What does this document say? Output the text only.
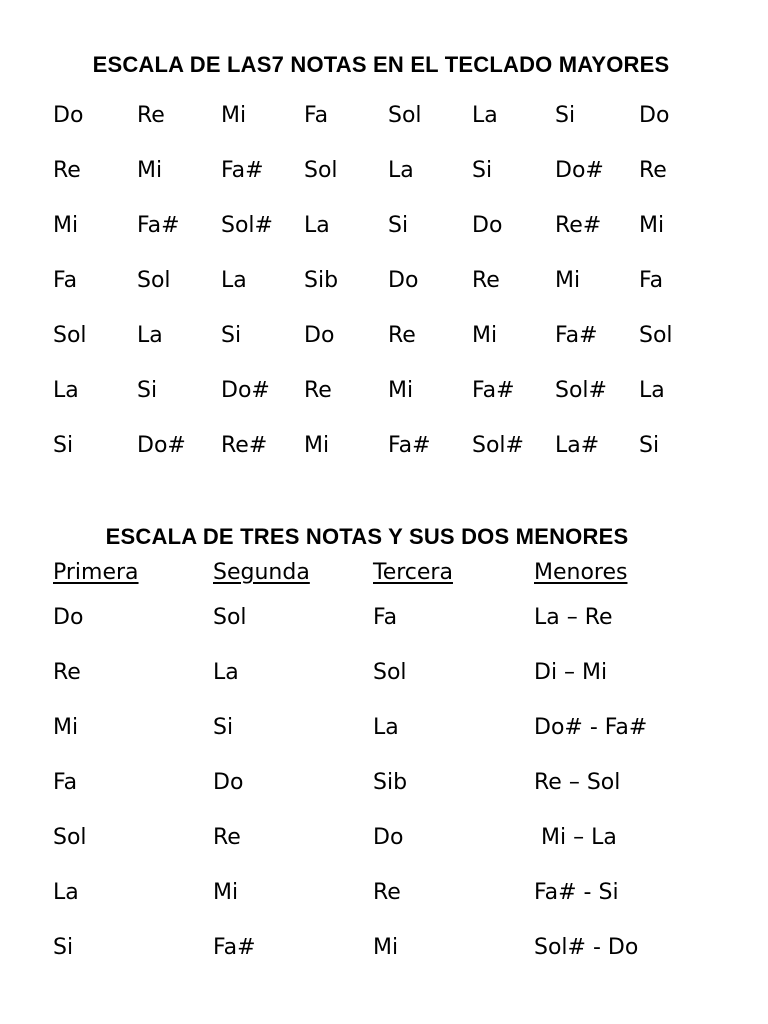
ESCALA DE LAS7 NOTAS EN EL TECLADO MAYORES
Do Re	Mi	Fa	Sol La	Si	Do
Re	Mi	Fa# Sol La	Si	Do# Re
Mi	Fa# Sol# La	Si	Do Re# Mi
Fa	Sol La	Sib Do Re	Mi	Fa
Sol La	Si	Do Re	Mi	Fa# Sol
La	Si	Do# Re	Mi	Fa# Sol# La
Si	Do# Re# Mi	Fa# Sol# La# Si
ESCALA DE TRES NOTAS Y SUS DOS MENORES
Primera	Segunda	Tercera	Menores
Do	Sol	Fa	La – Re
Re	La	Sol	Di – Mi
Mi	Si	La	Do# - Fa#
Fa	Do	Sib	Re – Sol
Sol	Re	Do	Mi – La
La	Mi	Re	Fa# - Si
Si	Fa#	Mi	Sol# - Do
